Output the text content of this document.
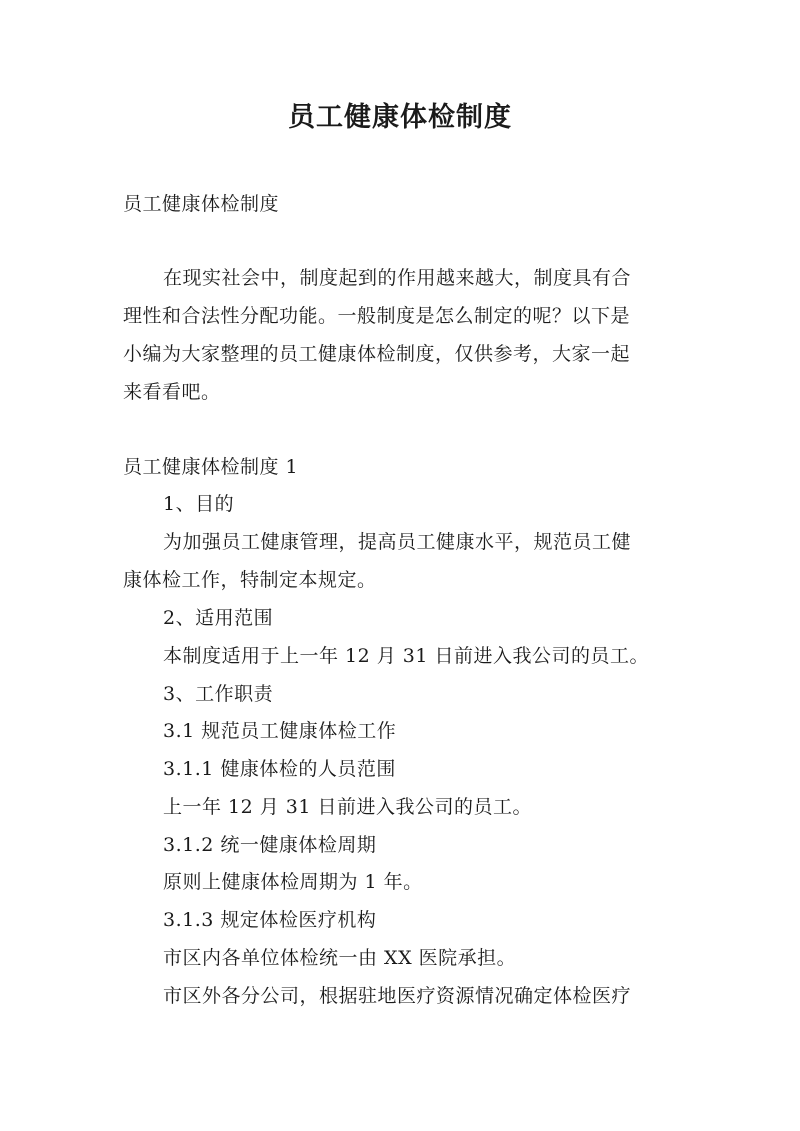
员工健康体检制度
员工健康体检制度
在现实社会中，制度起到的作用越来越大，制度具有合
理性和合法性分配功能。一般制度是怎么制定的呢？以下是
小编为大家整理的员工健康体检制度，仅供参考，大家一起
来看看吧。
员工健康体检制度 1
1、目的
为加强员工健康管理，提高员工健康水平，规范员工健
康体检工作，特制定本规定。
2、适用范围
本制度适用于上一年 12 月 31 日前进入我公司的员工。
3、工作职责
3.1 规范员工健康体检工作
3.1.1 健康体检的人员范围
上一年 12 月 31 日前进入我公司的员工。
3.1.2 统一健康体检周期
原则上健康体检周期为 1 年。
3.1.3 规定体检医疗机构
市区内各单位体检统一由 XX 医院承担。
市区外各分公司，根据驻地医疗资源情况确定体检医疗
